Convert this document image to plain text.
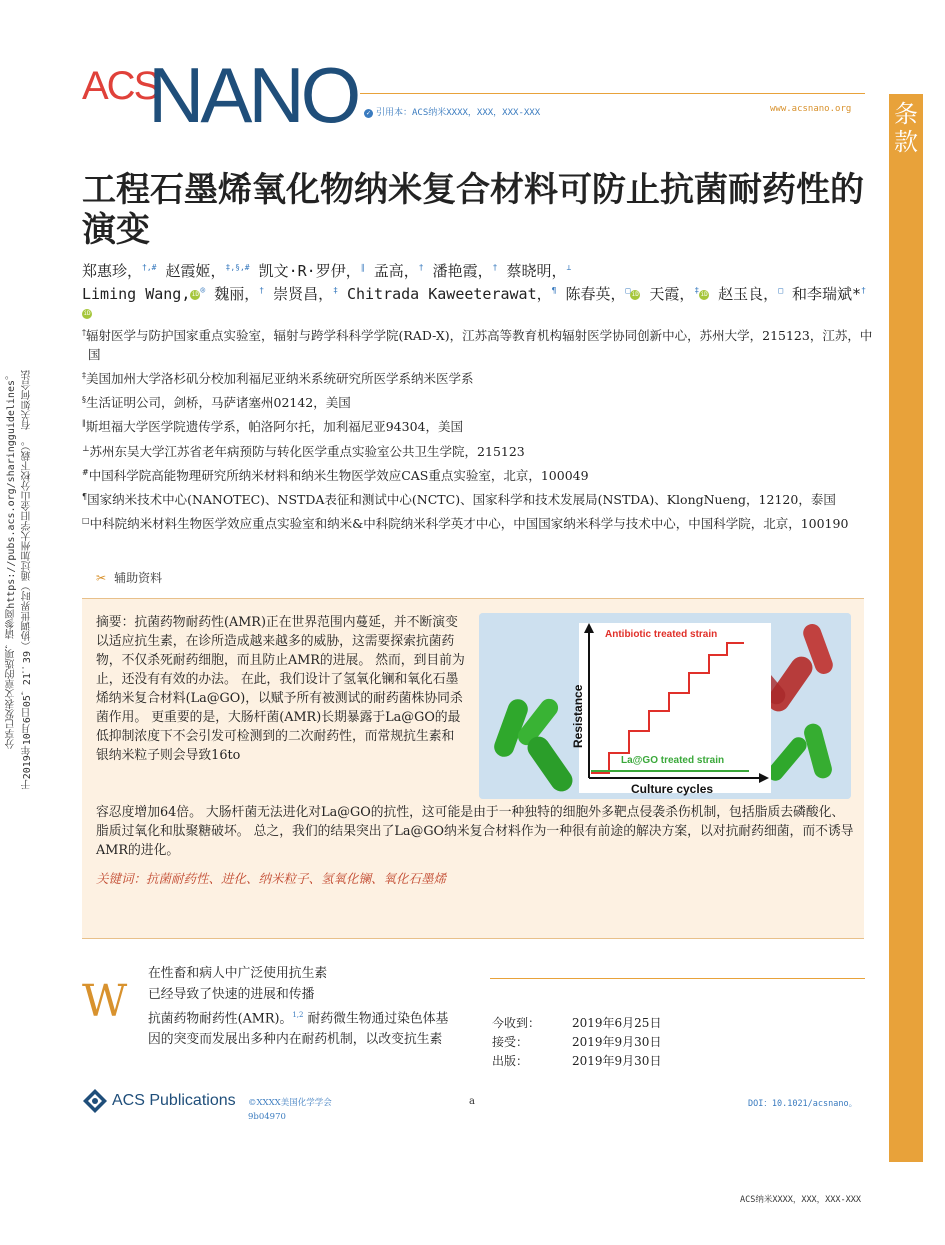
ACS
NANO	✓ 引用本：ACS纳米XXXX，XXX，XXX-XXX	www.acsnano.org 条款
于2019年10月6日05，21：39（协调世界时）通过加州大学旧金山分校下载）。 有关如何合法
分享已发表文章的选项，请参阅https://pubs.acs.org/sharingguidelines。
工程石墨烯氧化物纳米复合材料可防止抗菌耐药性的演变
郑惠珍，†,# 赵霞姬，‡,§,# 凯文·R·罗伊，∥ 孟高，† 潘艳霞，† 蔡晓明，⊥
Liming Wang,iD® 魏丽，† 崇贤昌，‡ Chitrada Kaweeterawat，¶ 陈春英，□iD 天霞，‡iD 赵玉良，□ 和李瑞斌*†iD
†辐射医学与防护国家重点实验室，辐射与跨学科科学学院(RAD-X)，江苏高等教育机构辐射医学协同创新中心，苏州大学，215123，江苏，中国
‡美国加州大学洛杉矶分校加利福尼亚纳米系统研究所医学系纳米医学系
§生活证明公司，剑桥，马萨诸塞州02142，美国
∥斯坦福大学医学院遗传学系，帕洛阿尔托，加利福尼亚94304，美国
⊥苏州东吴大学江苏省老年病预防与转化医学重点实验室公共卫生学院，215123
#中国科学院高能物理研究所纳米材料和纳米生物医学效应CAS重点实验室，北京，100049
¶国家纳米技术中心(NANOTEC)、NSTDA表征和测试中心(NCTC)、国家科学和技术发展局(NSTDA)、KlongNueng，12120，泰国
□中科院纳米材料生物医学效应重点实验室和纳米&中科院纳米科学英才中心，中国国家纳米科学与技术中心，中国科学院，北京，100190
✂ 辅助资料
摘要：抗菌药物耐药性(AMR)正在世界范围内蔓延，并不断演变以适应抗生素，在诊所造成越来越多的威胁，这需要探索抗菌药物，不仅杀死耐药细胞，而且防止AMR的进展。 然而，到目前为止，还没有有效的办法。 在此，我们设计了氢氧化镧和氧化石墨烯纳米复合材料(La@GO)，以赋予所有被测试的耐药菌株协同杀菌作用。 更重要的是，大肠杆菌(AMR)长期暴露于La@GO的最低抑制浓度下不会引发可检测到的二次耐药性，而常规抗生素和银纳米粒子则会导致16to
Resistance
Culture cycles
Antibiotic treated strain
La@GO treated strain
容忍度增加64倍。 大肠杆菌无法进化对La@GO的抗性，这可能是由于一种独特的细胞外多靶点侵袭杀伤机制，包括脂质去磷酸化、脂质过氧化和肽聚糖破坏。 总之，我们的结果突出了La@GO纳米复合材料作为一种很有前途的解决方案，以对抗耐药细菌，而不诱导AMR的进化。
关键词：抗菌耐药性、进化、纳米粒子、氢氧化镧、氧化石墨烯
W
在性畜和病人中广泛使用抗生素
已经导致了快速的进展和传播
抗菌药物耐药性(AMR)。$^{1,2}$ 耐药微生物通过染色体基因的突变而发展出多种内在耐药机制，以改变抗生素
今收到：	2019年6月25日
接受：	2019年9月30日
出版：	2019年9月30日
ACS Publications ©XXXX美国化学学会
9b04970
a	DOI：10.1021/acsnano。
ACS纳米XXXX，XXX，XXX-XXX
